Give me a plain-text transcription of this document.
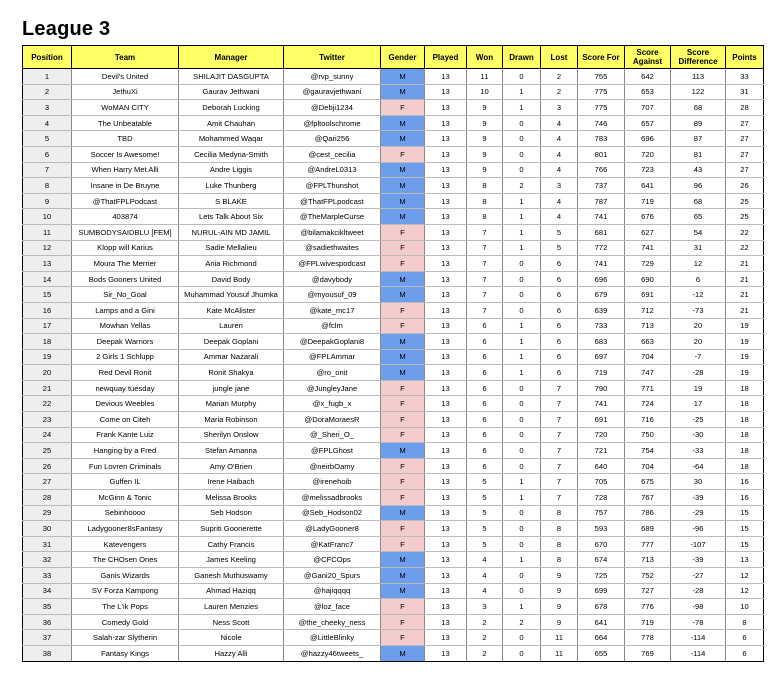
League 3
Position	Team	Manager	Twitter	Gender	Played	Won	Drawn	Lost	Score For	Score Against	Score Difference	Points
1	Devil's United	SHILAJIT DASGUPTA	@rvp_sunny	M	13	11	0	2	755	642	113	33
2	JethuXi	Gaurav Jethwani	@gauravjethwani	M	13	10	1	2	775	653	122	31
3	WoMAN CITY	Deborah Lucking	@Debji1234	F	13	9	1	3	775	707	68	28
4	The Unbeatable	Amit Chauhan	@fpltoolschrome	M	13	9	0	4	746	657	89	27
5	TBD	Mohammed Waqar	@Qari256	M	13	9	0	4	783	696	87	27
6	Soccer Is Awesome!	Cecilia Medyna-Smith	@cest_cecilia	F	13	9	0	4	801	720	81	27
7	When Harry Met Alli	Andre Liggis	@AndreL0313	M	13	9	0	4	766	723	43	27
8	Insane in De Bruyne	Luke Thunberg	@FPLThunshot	M	13	8	2	3	737	641	96	26
9	@ThatFPLPodcast	S BLAKE	@ThatFPLpodcast	M	13	8	1	4	787	719	68	25
10	403874	Lets Talk About Six	@TheMarpleCurse	M	13	8	1	4	741	676	65	25
11	SUMBODYSAIDBLU [FEM]	NURUL-AIN MD JAMIL	@bilamakcikltweet	F	13	7	1	5	681	627	54	22
12	Klopp will Karius	Sadie Mellalieu	@sadiethwaites	F	13	7	1	5	772	741	31	22
13	Moura The Merrier	Ania Richmond	@FPLwivespodcast	F	13	7	0	6	741	729	12	21
14	Bods Gooners United	David Body	@davybody	M	13	7	0	6	696	690	6	21
15	Sir_No_Goal	Muhammad Yousuf Jhumka	@myousuf_09	M	13	7	0	6	679	691	-12	21
16	Lamps and a Gini	Kate McAlister	@kate_mc17	F	13	7	0	6	639	712	-73	21
17	Mowhan Yellas	Lauren	@fclm	F	13	6	1	6	733	713	20	19
18	Deepak Warriors	Deepak Goplani	@DeepakGoplani8	M	13	6	1	6	683	663	20	19
19	2 Girls 1 Schlupp	Ammar Nazarali	@FPLAmmar	M	13	6	1	6	697	704	-7	19
20	Red Devil Ronit	Ronit Shakya	@ro_onit	M	13	6	1	6	719	747	-28	19
21	newquay tuesday	jungle jane	@JungleyJane	F	13	6	0	7	790	771	19	18
22	Devious Weebles	Marian Murphy	@x_fugb_x	F	13	6	0	7	741	724	17	18
23	Come on Citeh	Maria Robinson	@DoraMoraesR	F	13	6	0	7	691	716	-25	18
24	Frank Kante Luiz	Sherilyn Onslow	@_Sheri_O_	F	13	6	0	7	720	750	-30	18
25	Hanging by a Fred	Stefan Amanna	@FPLGhost	M	13	6	0	7	721	754	-33	18
26	Fun Lovren Criminals	Amy O'Brien	@neirbOamy	F	13	6	0	7	640	704	-64	18
27	Guffen IL	Irene Haibach	@irenehoib	F	13	5	1	7	705	675	30	16
28	McGinn & Tonic	Melissa Brooks	@melissadbrooks	F	13	5	1	7	728	767	-39	16
29	Sebinhoooo	Seb Hodson	@Seb_Hodson02	M	13	5	0	8	757	786	-29	15
30	Ladygooner8sFantasy	Supriti Goonerette	@LadyGooner8	F	13	5	0	8	593	689	-96	15
31	Katevengers	Cathy Francis	@KatFranc7	F	13	5	0	8	670	777	-107	15
32	The CHOsen Ones	James Keeling	@CFCOps	M	13	4	1	8	674	713	-39	13
33	Ganis Wizards	Ganesh Muthuswamy	@Gani20_Spurs	M	13	4	0	9	725	752	-27	12
34	SV Forza Kampong	Ahmad Haziqq	@hajiqqqq	M	13	4	0	9	699	727	-28	12
35	The L'ik Pops	Lauren Menzies	@loz_face	F	13	3	1	9	678	776	-98	10
36	Comedy Gold	Ness Scott	@the_cheeky_ness	F	13	2	2	9	641	719	-78	8
37	Salah-zar Slytherin	Nicole	@LittleBlinky	F	13	2	0	11	664	778	-114	6
38	Fantasy Kings	Hazzy Alli	@hazzy46tweets_	M	13	2	0	11	655	769	-114	6
